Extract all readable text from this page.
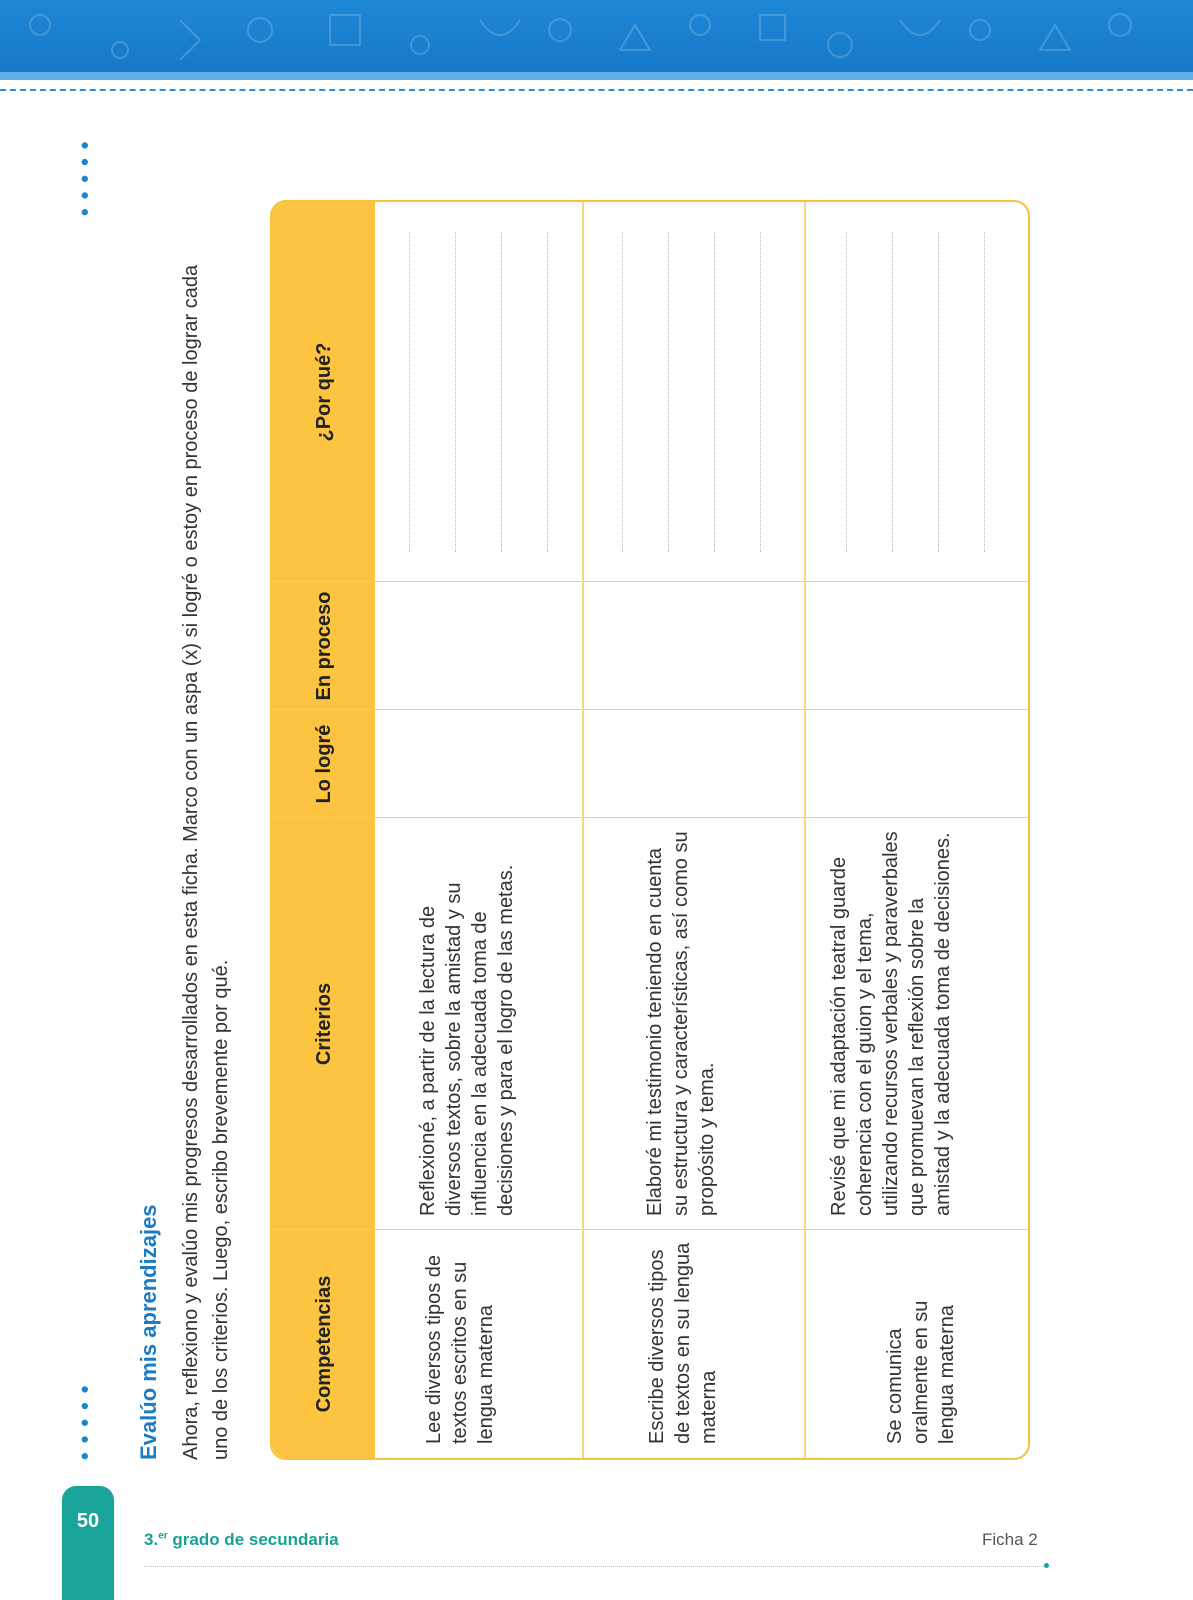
•••••
••••• Evalúo mis aprendizajes Ahora, reflexiono y evalúo mis progresos desarrollados en esta ficha. Marco con un aspa (x) si logré o estoy en proceso de lograr cada uno de los criterios. Luego, escribo brevemente por qué.	Competencias
Criterios
Lo logré
En proceso
¿Por qué?
Lee diversos tipos de textos escritos en su lengua materna
Reflexioné, a partir de la lectura de diversos textos, sobre la amistad y su influencia en la adecuada toma de decisiones y para el logro de las metas.
Escribe diversos tipos de textos en su lengua materna
Elaboré mi testimonio teniendo en cuenta su estructura y características, así como su propósito y tema.
Se comunica oralmente en su lengua materna
Revisé que mi adaptación teatral guarde coherencia con el guion y el tema, utilizando recursos verbales y paraverbales que promuevan la reflexión sobre la amistad y la adecuada toma de decisiones.
50
3.$^{er}$ grado de secundaria	Ficha 2
